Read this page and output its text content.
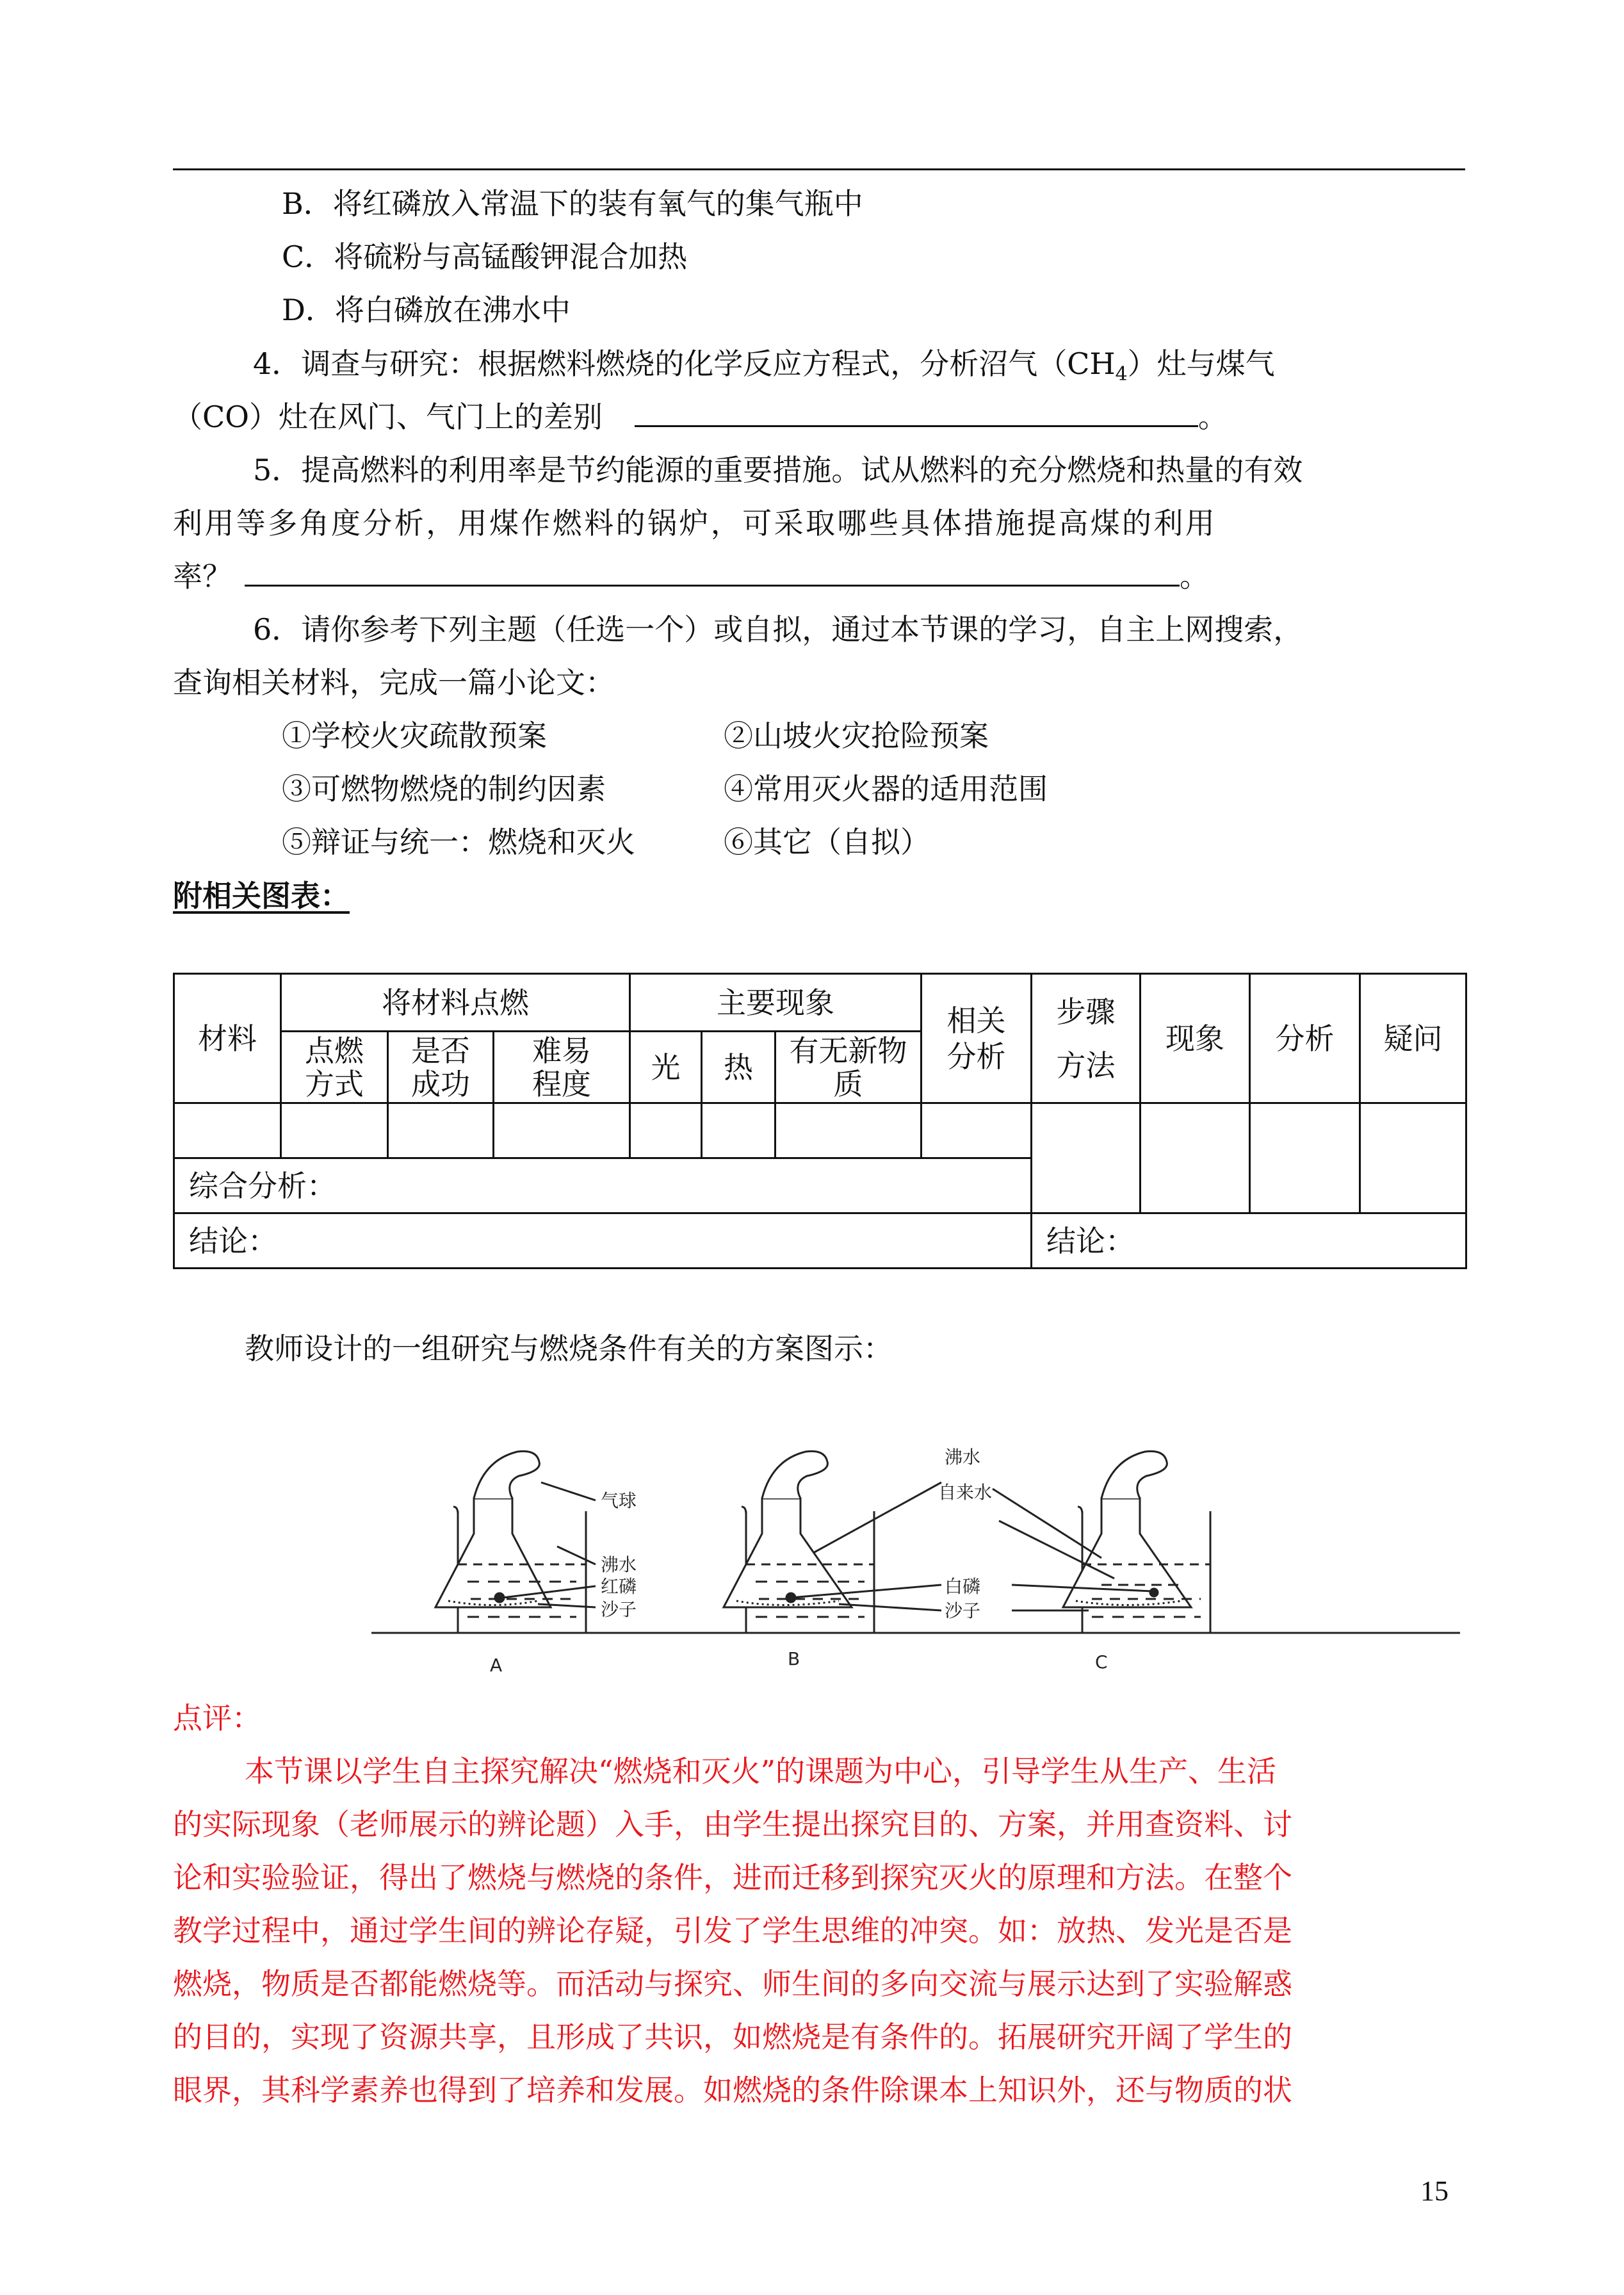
B．将红磷放入常温下的装有氧气的集气瓶中
C．将硫粉与高锰酸钾混合加热
D．将白磷放在沸水中
4．调查与研究：根据燃料燃烧的化学反应方程式，分析沼气$(CH_4)$灶与煤气
（CO）灶在风门、气门上的差别	。
5．提高燃料的利用率是节约能源的重要措施。试从燃料的充分燃烧和热量的有效
利用等多角度分析，用煤作燃料的锅炉，可采取哪些具体措施提高煤的利用
率？	。
6．请你参考下列主题（任选一个）或自拟，通过本节课的学习，自主上网搜索，
查询相关材料，完成一篇小论文：
①学校火灾疏散预案	②山坡火灾抢险预案
③可燃物燃烧的制约因素	④常用灭火器的适用范围
⑤辩证与统一：燃烧和灭火	⑥其它（自拟）
附相关图表：
材料	将材料点燃			主要现象			相关分析	步骤方法	现象	分析	疑问

	点燃方式	是否成功	难易程度	光	热	有无新物质					

综合分析：											
结论：								结论：			
教师设计的一组研究与燃烧条件有关的方案图示：
气球
沸水
红磷
沙子
A	B
沸水
自来水
白磷
沙子
C
点评：
本节课以学生自主探究解决“燃烧和灭火”的课题为中心，引导学生从生产、生活
的实际现象（老师展示的辨论题）入手，由学生提出探究目的、方案，并用查资料、讨
论和实验验证，得出了燃烧与燃烧的条件，进而迁移到探究灭火的原理和方法。在整个
教学过程中，通过学生间的辨论存疑，引发了学生思维的冲突。如：放热、发光是否是
燃烧，物质是否都能燃烧等。而活动与探究、师生间的多向交流与展示达到了实验解惑
的目的，实现了资源共享，且形成了共识，如燃烧是有条件的。拓展研究开阔了学生的
眼界，其科学素养也得到了培养和发展。如燃烧的条件除课本上知识外，还与物质的状
15
